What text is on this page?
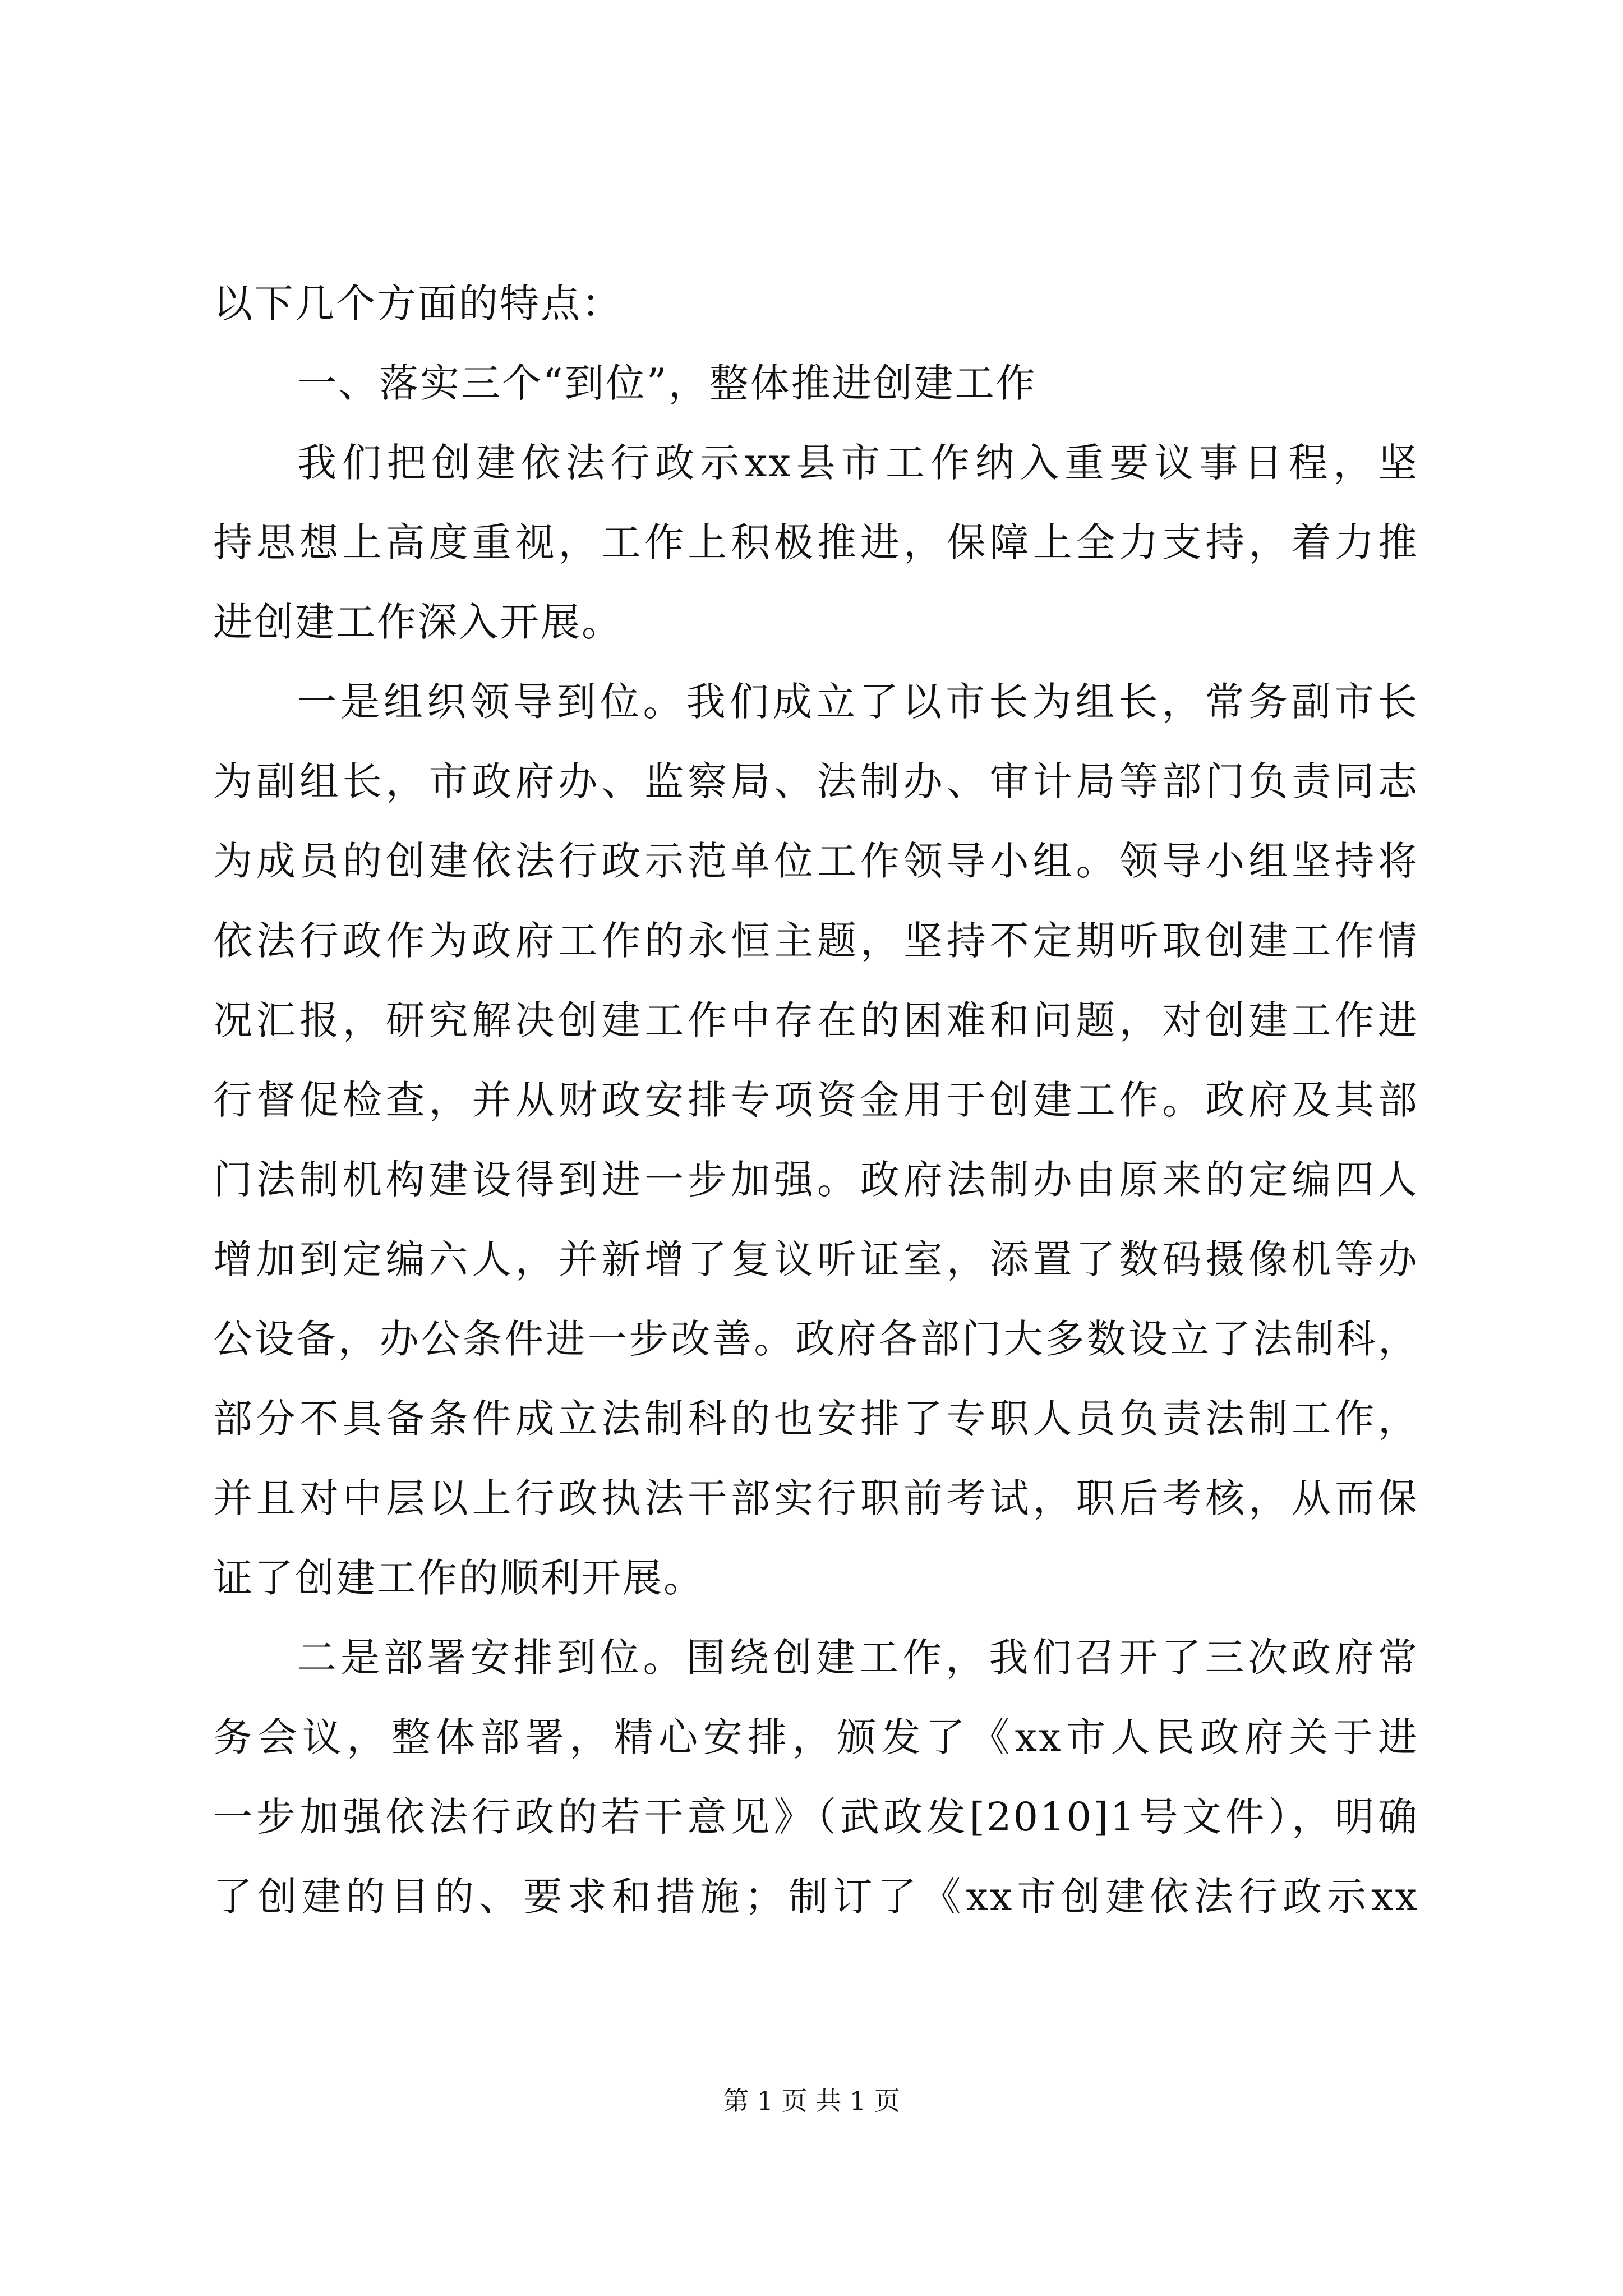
以下几个方面的特点：
一、落实三个“到位”，整体推进创建工作
我们把创建依法行政示xx县市工作纳入重要议事日程，坚
持思想上高度重视，工作上积极推进，保障上全力支持，着力推
进创建工作深入开展。
一是组织领导到位。我们成立了以市长为组长，常务副市长
为副组长，市政府办、监察局、法制办、审计局等部门负责同志
为成员的创建依法行政示范单位工作领导小组。领导小组坚持将
依法行政作为政府工作的永恒主题，坚持不定期听取创建工作情
况汇报，研究解决创建工作中存在的困难和问题，对创建工作进
行督促检查，并从财政安排专项资金用于创建工作。政府及其部
门法制机构建设得到进一步加强。政府法制办由原来的定编四人
增加到定编六人，并新增了复议听证室，添置了数码摄像机等办
公设备，办公条件进一步改善。政府各部门大多数设立了法制科，
部分不具备条件成立法制科的也安排了专职人员负责法制工作，
并且对中层以上行政执法干部实行职前考试，职后考核，从而保
证了创建工作的顺利开展。
二是部署安排到位。围绕创建工作，我们召开了三次政府常
务会议，整体部署，精心安排，颁发了《xx市人民政府关于进
一步加强依法行政的若干意见》（武政发[2010]1号文件），明确
了创建的目的、要求和措施；制订了《xx市创建依法行政示xx
第 1 页 共 1 页
